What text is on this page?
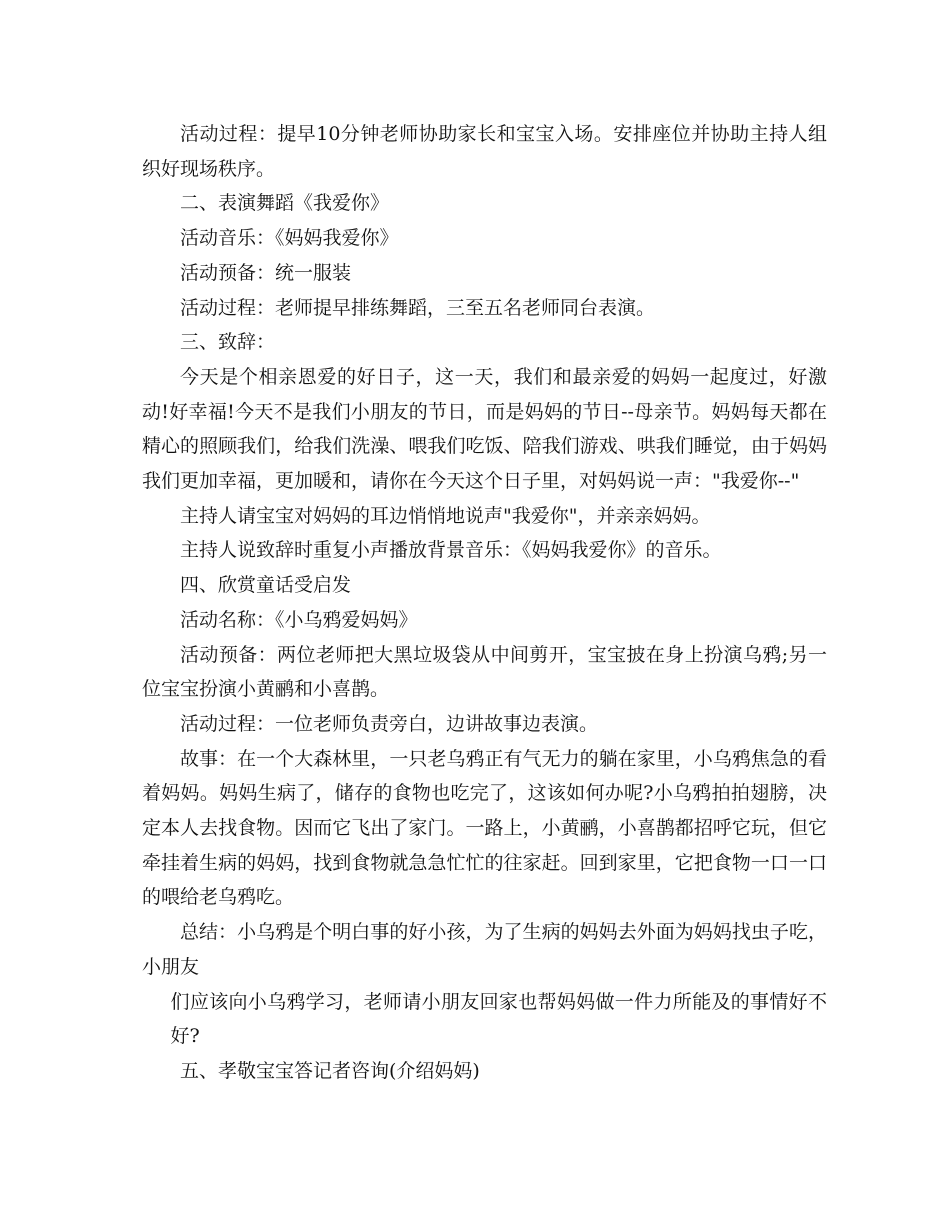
活动过程：提早10分钟老师协助家长和宝宝入场。安排座位并协助主持人组织好现场秩序。

二、表演舞蹈《我爱你》

活动音乐：《妈妈我爱你》

活动预备：统一服装

活动过程：老师提早排练舞蹈，三至五名老师同台表演。

三、致辞：

今天是个相亲恩爱的好日子，这一天，我们和最亲爱的妈妈一起度过，好激动!好幸福!今天不是我们小朋友的节日，而是妈妈的节日--母亲节。妈妈每天都在精心的照顾我们，给我们洗澡、喂我们吃饭、陪我们游戏、哄我们睡觉，由于妈妈我们更加幸福，更加暖和，请你在今天这个日子里，对妈妈说一声："我爱你--"

主持人请宝宝对妈妈的耳边悄悄地说声"我爱你"，并亲亲妈妈。

主持人说致辞时重复小声播放背景音乐：《妈妈我爱你》的音乐。

四、欣赏童话受启发

活动名称：《小乌鸦爱妈妈》

活动预备：两位老师把大黑垃圾袋从中间剪开，宝宝披在身上扮演乌鸦;另一位宝宝扮演小黄鹂和小喜鹊。

活动过程：一位老师负责旁白，边讲故事边表演。

故事：在一个大森林里，一只老乌鸦正有气无力的躺在家里，小乌鸦焦急的看着妈妈。妈妈生病了，储存的食物也吃完了，这该如何办呢?小乌鸦拍拍翅膀，决定本人去找食物。因而它飞出了家门。一路上，小黄鹂，小喜鹊都招呼它玩，但它牵挂着生病的妈妈，找到食物就急急忙忙的往家赶。回到家里，它把食物一口一口的喂给老乌鸦吃。

总结：小乌鸦是个明白事的好小孩，为了生病的妈妈去外面为妈妈找虫子吃，小朋友

们应该向小乌鸦学习，老师请小朋友回家也帮妈妈做一件力所能及的事情好不好?

五、孝敬宝宝答记者咨询(介绍妈妈)
